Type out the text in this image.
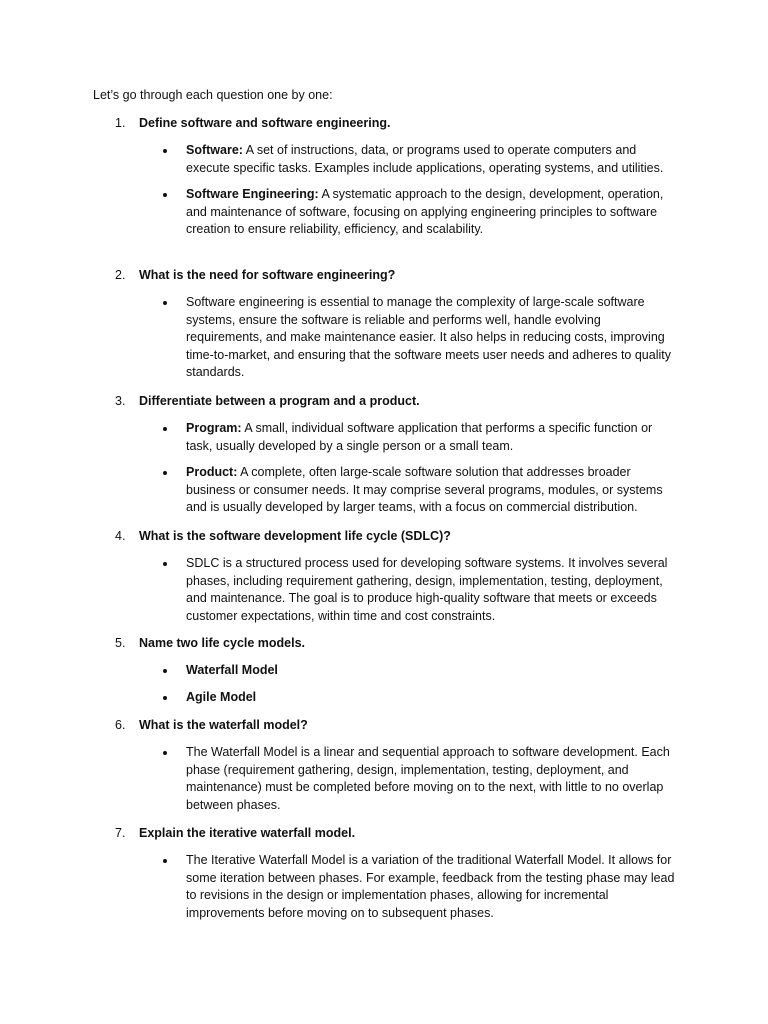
Let’s go through each question one by one:

1. Define software and software engineering.
Software: A set of instructions, data, or programs used to operate computers and execute specific tasks. Examples include applications, operating systems, and utilities.
Software Engineering: A systematic approach to the design, development, operation, and maintenance of software, focusing on applying engineering principles to software creation to ensure reliability, efficiency, and scalability.
2. What is the need for software engineering?
Software engineering is essential to manage the complexity of large-scale software systems, ensure the software is reliable and performs well, handle evolving requirements, and make maintenance easier. It also helps in reducing costs, improving time-to-market, and ensuring that the software meets user needs and adheres to quality standards.
3. Differentiate between a program and a product.
Program: A small, individual software application that performs a specific function or task, usually developed by a single person or a small team.
Product: A complete, often large-scale software solution that addresses broader business or consumer needs. It may comprise several programs, modules, or systems and is usually developed by larger teams, with a focus on commercial distribution.
4. What is the software development life cycle (SDLC)?
SDLC is a structured process used for developing software systems. It involves several phases, including requirement gathering, design, implementation, testing, deployment, and maintenance. The goal is to produce high-quality software that meets or exceeds customer expectations, within time and cost constraints.
5. Name two life cycle models.
Waterfall Model
Agile Model
6. What is the waterfall model?
The Waterfall Model is a linear and sequential approach to software development. Each phase (requirement gathering, design, implementation, testing, deployment, and maintenance) must be completed before moving on to the next, with little to no overlap between phases.
7. Explain the iterative waterfall model.
The Iterative Waterfall Model is a variation of the traditional Waterfall Model. It allows for some iteration between phases. For example, feedback from the testing phase may lead to revisions in the design or implementation phases, allowing for incremental improvements before moving on to subsequent phases.
